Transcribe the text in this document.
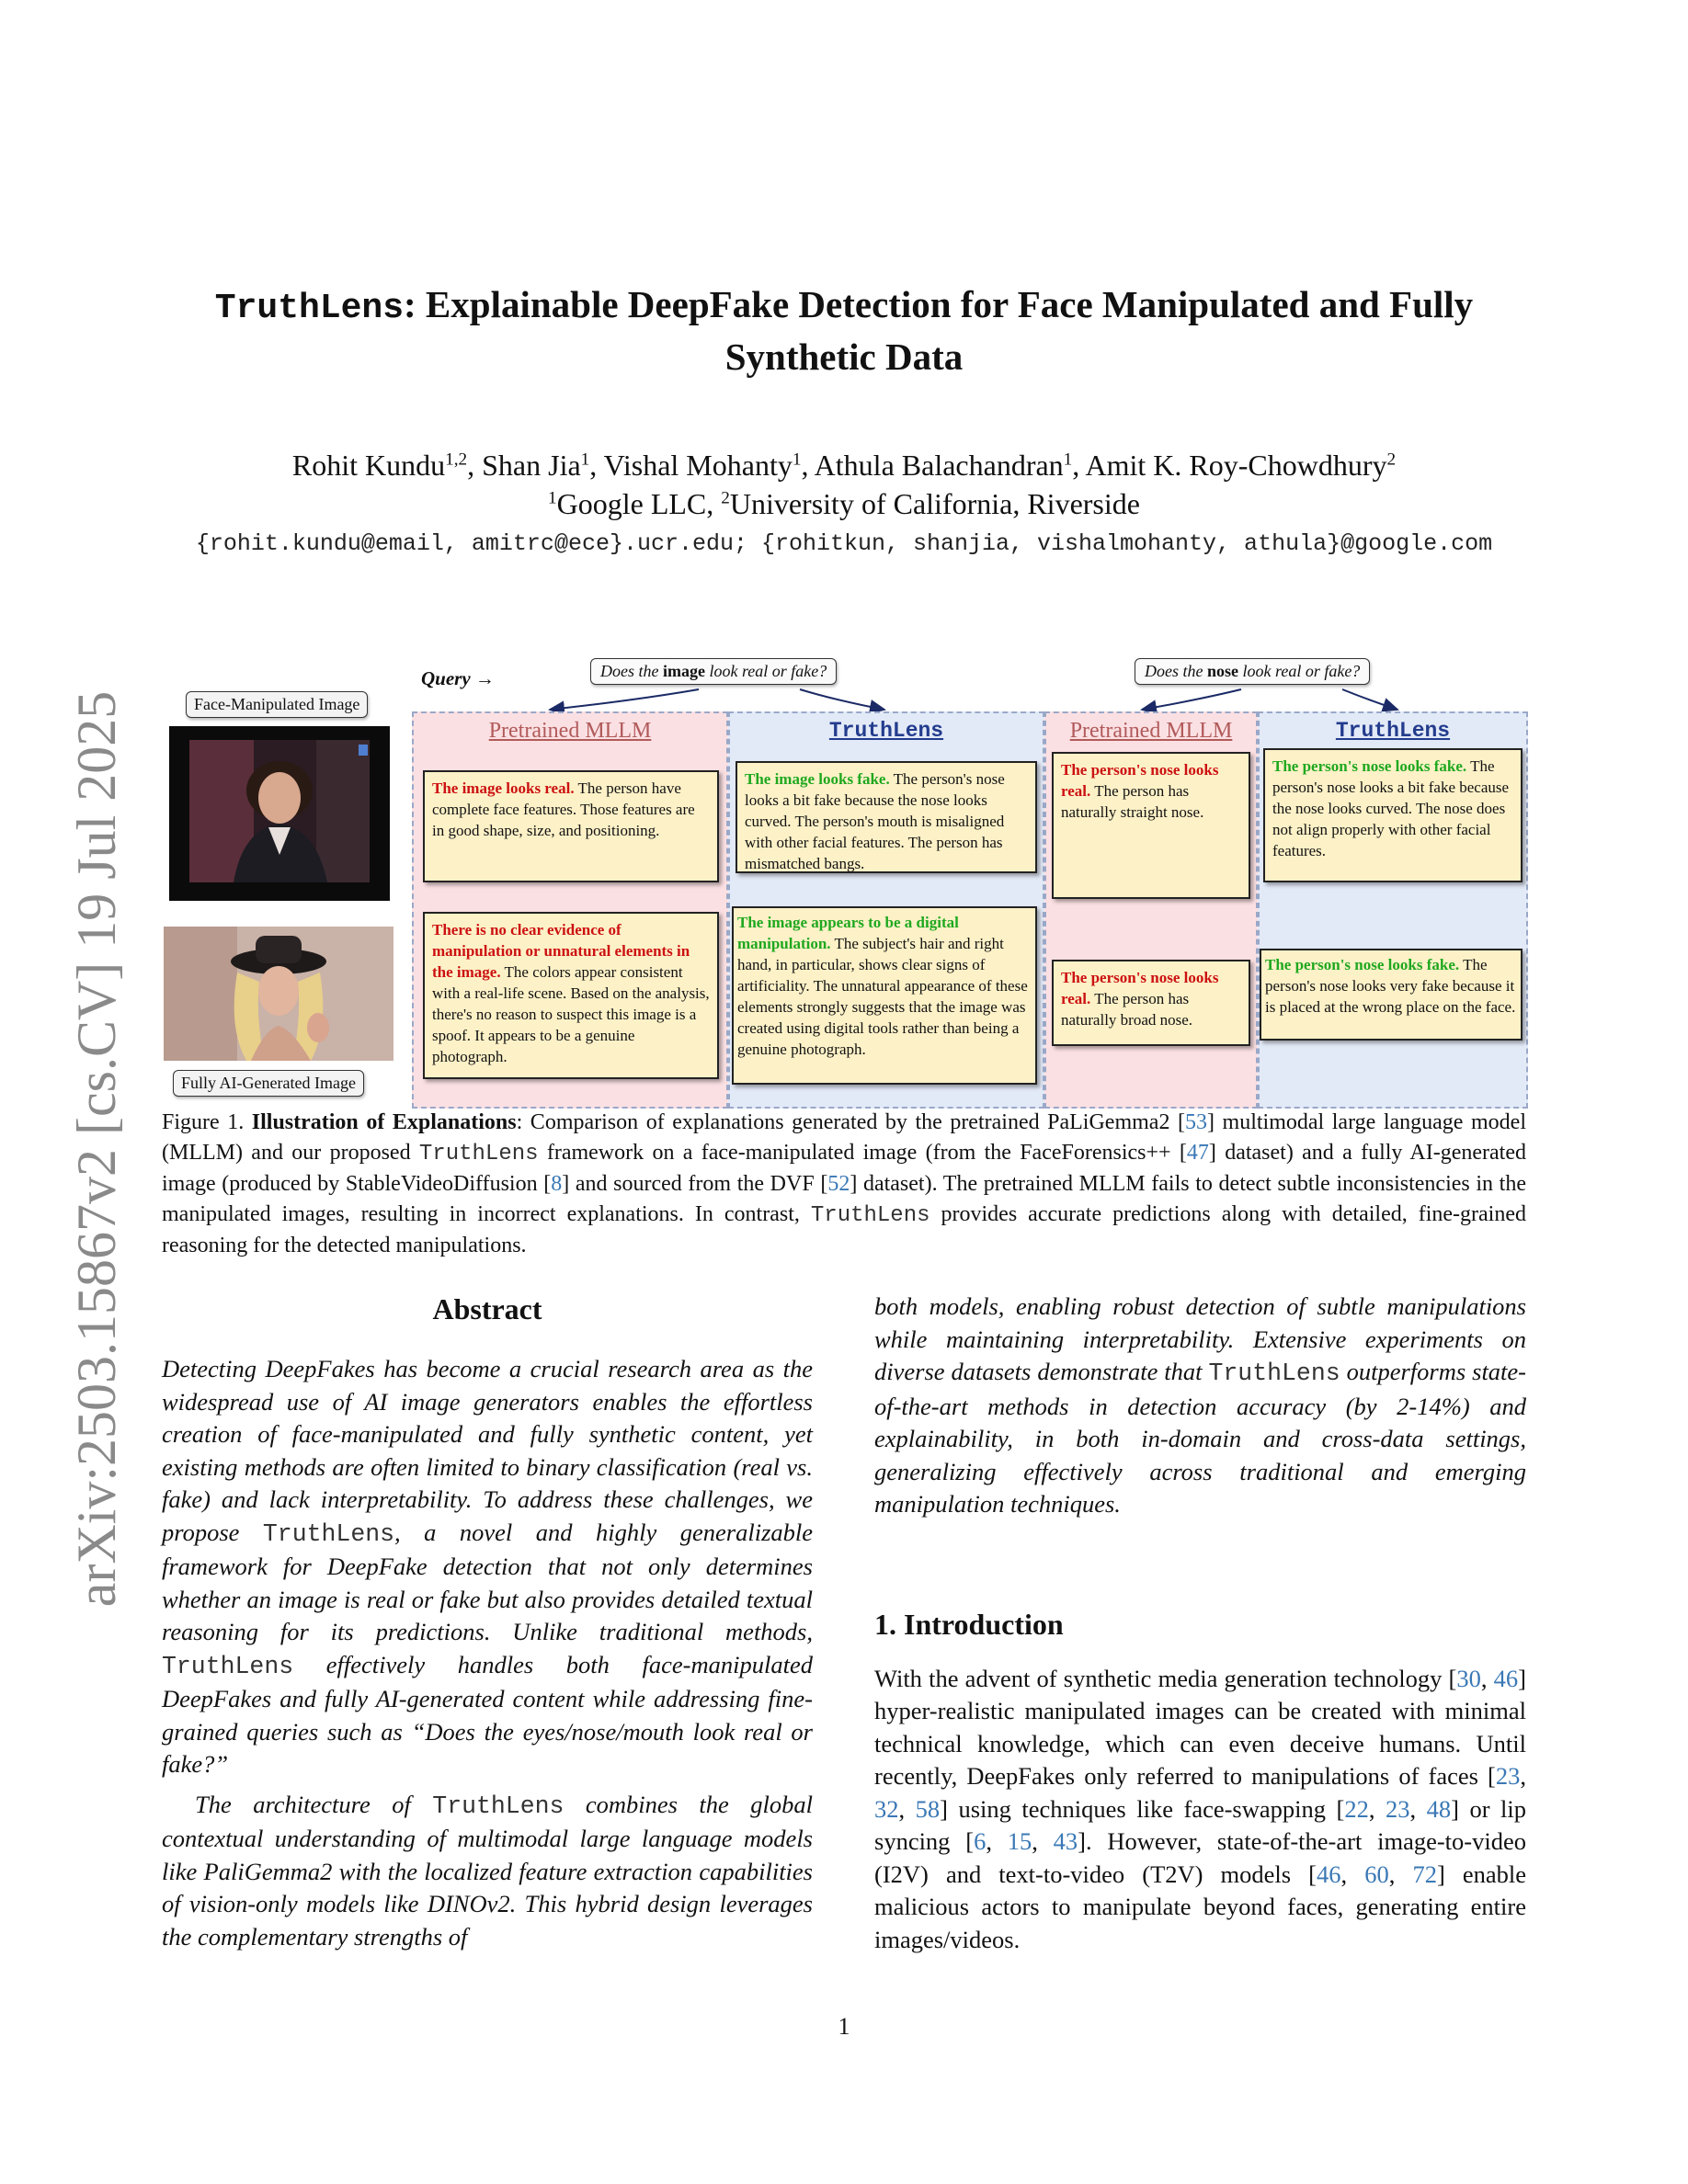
arXiv:2503.15867v2 [cs.CV] 19 Jul 2025
TruthLens: Explainable DeepFake Detection for Face Manipulated and Fully
Synthetic Data
Rohit Kundu$^{1,2}$, Shan Jia$^1$, Vishal Mohanty$^1$, Athula Balachandran$^1$, Amit K. Roy-Chowdhury$^2$
$^1$Google LLC, $^2$University of California, Riverside
{rohit.kundu@email, amitrc@ece}.ucr.edu; {rohitkun, shanjia, vishalmohanty, athula}@google.com
Query →	Does the image look real or fake?	Does the nose look real or fake?
Pretrained MLLM	TruthLens	Pretrained MLLM	TruthLens
Face-Manipulated Image
Fully AI-Generated Image
The image looks real. The person have complete face features. Those features are in good shape, size, and positioning.
The image looks fake. The person's nose looks a bit fake because the nose looks curved. The person's mouth is misaligned with other facial features. The person has mismatched bangs.
The person's nose looks real. The person has naturally straight nose.
The person's nose looks fake. The person's nose looks a bit fake because the nose looks curved. The nose does not align properly with other facial features.
There is no clear evidence of manipulation or unnatural elements in the image. The colors appear consistent with a real-life scene. Based on the analysis, there's no reason to suspect this image is a spoof. It appears to be a genuine photograph.
The image appears to be a digital manipulation. The subject's hair and right hand, in particular, shows clear signs of artificiality. The unnatural appearance of these elements strongly suggests that the image was created using digital tools rather than being a genuine photograph.
The person's nose looks real. The person has naturally broad nose.
The person's nose looks fake. The person's nose looks very fake because it is placed at the wrong place on the face.
Figure 1. Illustration of Explanations: Comparison of explanations generated by the pretrained PaLiGemma2 [53] multimodal large language model (MLLM) and our proposed TruthLens framework on a face-manipulated image (from the FaceForensics++ [47] dataset) and a fully AI-generated image (produced by StableVideoDiffusion [8] and sourced from the DVF [52] dataset). The pretrained MLLM fails to detect subtle inconsistencies in the manipulated images, resulting in incorrect explanations. In contrast, TruthLens provides accurate predictions along with detailed, fine-grained reasoning for the detected manipulations.
Abstract

Detecting DeepFakes has become a crucial research area as the widespread use of AI image generators enables the effortless creation of face-manipulated and fully synthetic content, yet existing methods are often limited to binary classification (real vs. fake) and lack interpretability. To address these challenges, we propose TruthLens, a novel and highly generalizable framework for DeepFake detection that not only determines whether an image is real or fake but also provides detailed textual reasoning for its predictions. Unlike traditional methods, TruthLens effectively handles both face-manipulated DeepFakes and fully AI-generated content while addressing fine-grained queries such as “Does the eyes/nose/mouth look real or fake?”

The architecture of TruthLens combines the global contextual understanding of multimodal large language models like PaliGemma2 with the localized feature extraction capabilities of vision-only models like DINOv2. This hybrid design leverages the complementary strengths of

both models, enabling robust detection of subtle manipulations while maintaining interpretability. Extensive experiments on diverse datasets demonstrate that TruthLens outperforms state-of-the-art methods in detection accuracy (by 2-14%) and explainability, in both in-domain and cross-data settings, generalizing effectively across traditional and emerging manipulation techniques.

1. Introduction

With the advent of synthetic media generation technology [30, 46] hyper-realistic manipulated images can be created with minimal technical knowledge, which can even deceive humans. Until recently, DeepFakes only referred to manipulations of faces [23, 32, 58] using techniques like face-swapping [22, 23, 48] or lip syncing [6, 15, 43]. However, state-of-the-art image-to-video (I2V) and text-to-video (T2V) models [46, 60, 72] enable malicious actors to manipulate beyond faces, generating entire images/videos.

1
